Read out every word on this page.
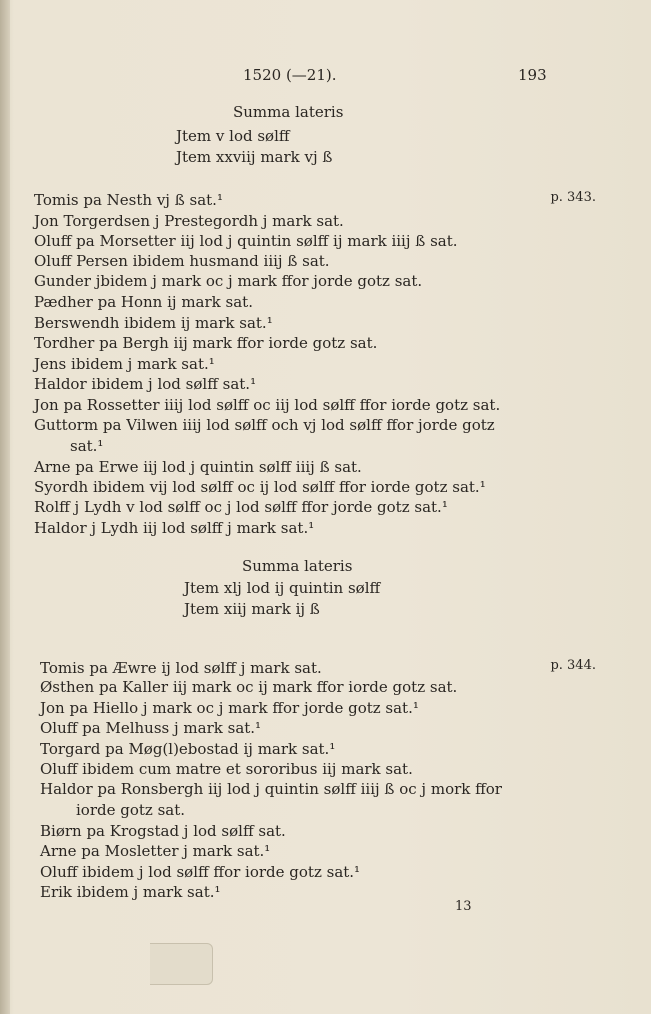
1520 (—21).	193
Summa lateris
Jtem v lod sølff
Jtem xxviij mark vj ß
p. 343.
Tomis pa Nesth vj ß sat.¹
Jon Torgerdsen j Prestegordh j mark sat.
Oluff pa Morsetter iij lod j quintin sølff ij mark iiij ß sat.
Oluff Persen ibidem husmand iiij ß sat.
Gunder jbidem j mark oc j mark ffor jorde gotz sat.
Pædher pa Honn ij mark sat.
Berswendh ibidem ij mark sat.¹
Tordher pa Bergh iij mark ffor iorde gotz sat.
Jens ibidem j mark sat.¹
Haldor ibidem j lod sølff sat.¹
Jon pa Rossetter iiij lod sølff oc iij lod sølff ffor iorde gotz sat.
Guttorm pa Vilwen iiij lod sølff och vj lod sølff ffor jorde gotz
sat.¹
Arne pa Erwe iij lod j quintin sølff iiij ß sat.
Syordh ibidem vij lod sølff oc ij lod sølff ffor iorde gotz sat.¹
Rolff j Lydh v lod sølff oc j lod sølff ffor jorde gotz sat.¹
Haldor j Lydh iij lod sølff j mark sat.¹
Summa lateris
Jtem xlj lod ij quintin sølff
Jtem xiij mark ij ß
p. 344.
Tomis pa Æwre ij lod sølff j mark sat.
Østhen pa Kaller iij mark oc ij mark ffor iorde gotz sat.
Jon pa Hiello j mark oc j mark ffor jorde gotz sat.¹
Oluff pa Melhuss j mark sat.¹
Torgard pa Møg(l)ebostad ij mark sat.¹
Oluff ibidem cum matre et sororibus iij mark sat.
Haldor pa Ronsbergh iij lod j quintin sølff iiij ß oc j mork ffor
iorde gotz sat.
Biørn pa Krogstad j lod sølff sat.
Arne pa Mosletter j mark sat.¹
Oluff ibidem j lod sølff ffor iorde gotz sat.¹
Erik ibidem j mark sat.¹
13
